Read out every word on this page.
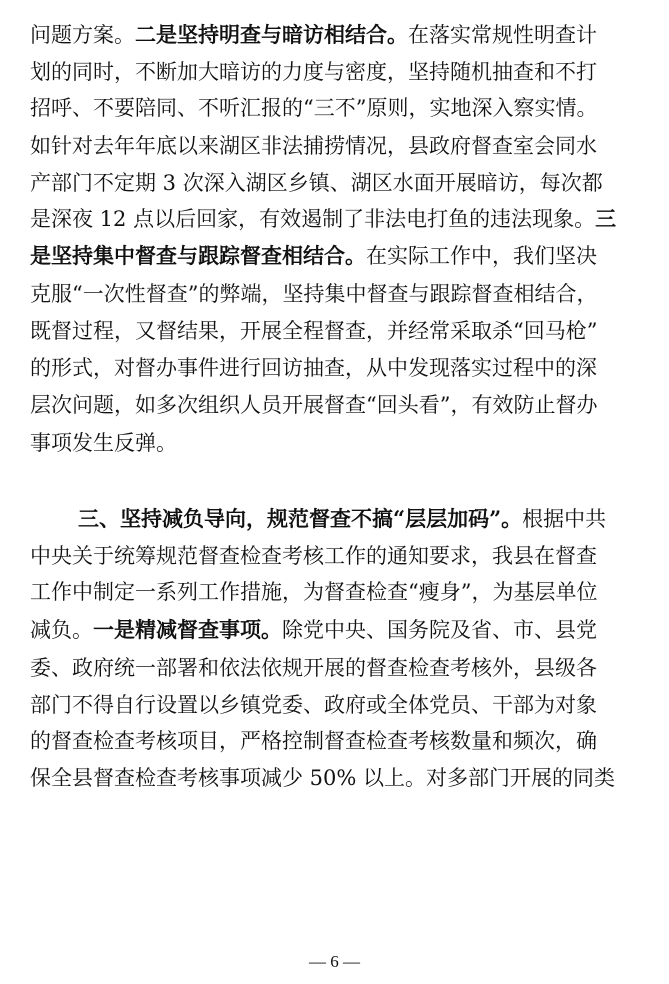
问题方案。二是坚持明查与暗访相结合。在落实常规性明查计
划的同时，不断加大暗访的力度与密度，坚持随机抽查和不打
招呼、不要陪同、不听汇报的“三不”原则，实地深入察实情。
如针对去年年底以来湖区非法捕捞情况，县政府督查室会同水
产部门不定期 3 次深入湖区乡镇、湖区水面开展暗访，每次都
是深夜 12 点以后回家，有效遏制了非法电打鱼的违法现象。三
是坚持集中督查与跟踪督查相结合。在实际工作中，我们坚决
克服“一次性督查”的弊端，坚持集中督查与跟踪督查相结合，
既督过程，又督结果，开展全程督查，并经常采取杀“回马枪”
的形式，对督办事件进行回访抽查，从中发现落实过程中的深
层次问题，如多次组织人员开展督查“回头看”，有效防止督办
事项发生反弹。
三、坚持减负导向，规范督查不搞“层层加码”。根据中共
中央关于统筹规范督查检查考核工作的通知要求，我县在督查
工作中制定一系列工作措施，为督查检查“瘦身”，为基层单位
减负。一是精减督查事项。除党中央、国务院及省、市、县党
委、政府统一部署和依法依规开展的督查检查考核外，县级各
部门不得自行设置以乡镇党委、政府或全体党员、干部为对象
的督查检查考核项目，严格控制督查检查考核数量和频次，确
保全县督查检查考核事项减少 50% 以上。对多部门开展的同类
— 6 —
